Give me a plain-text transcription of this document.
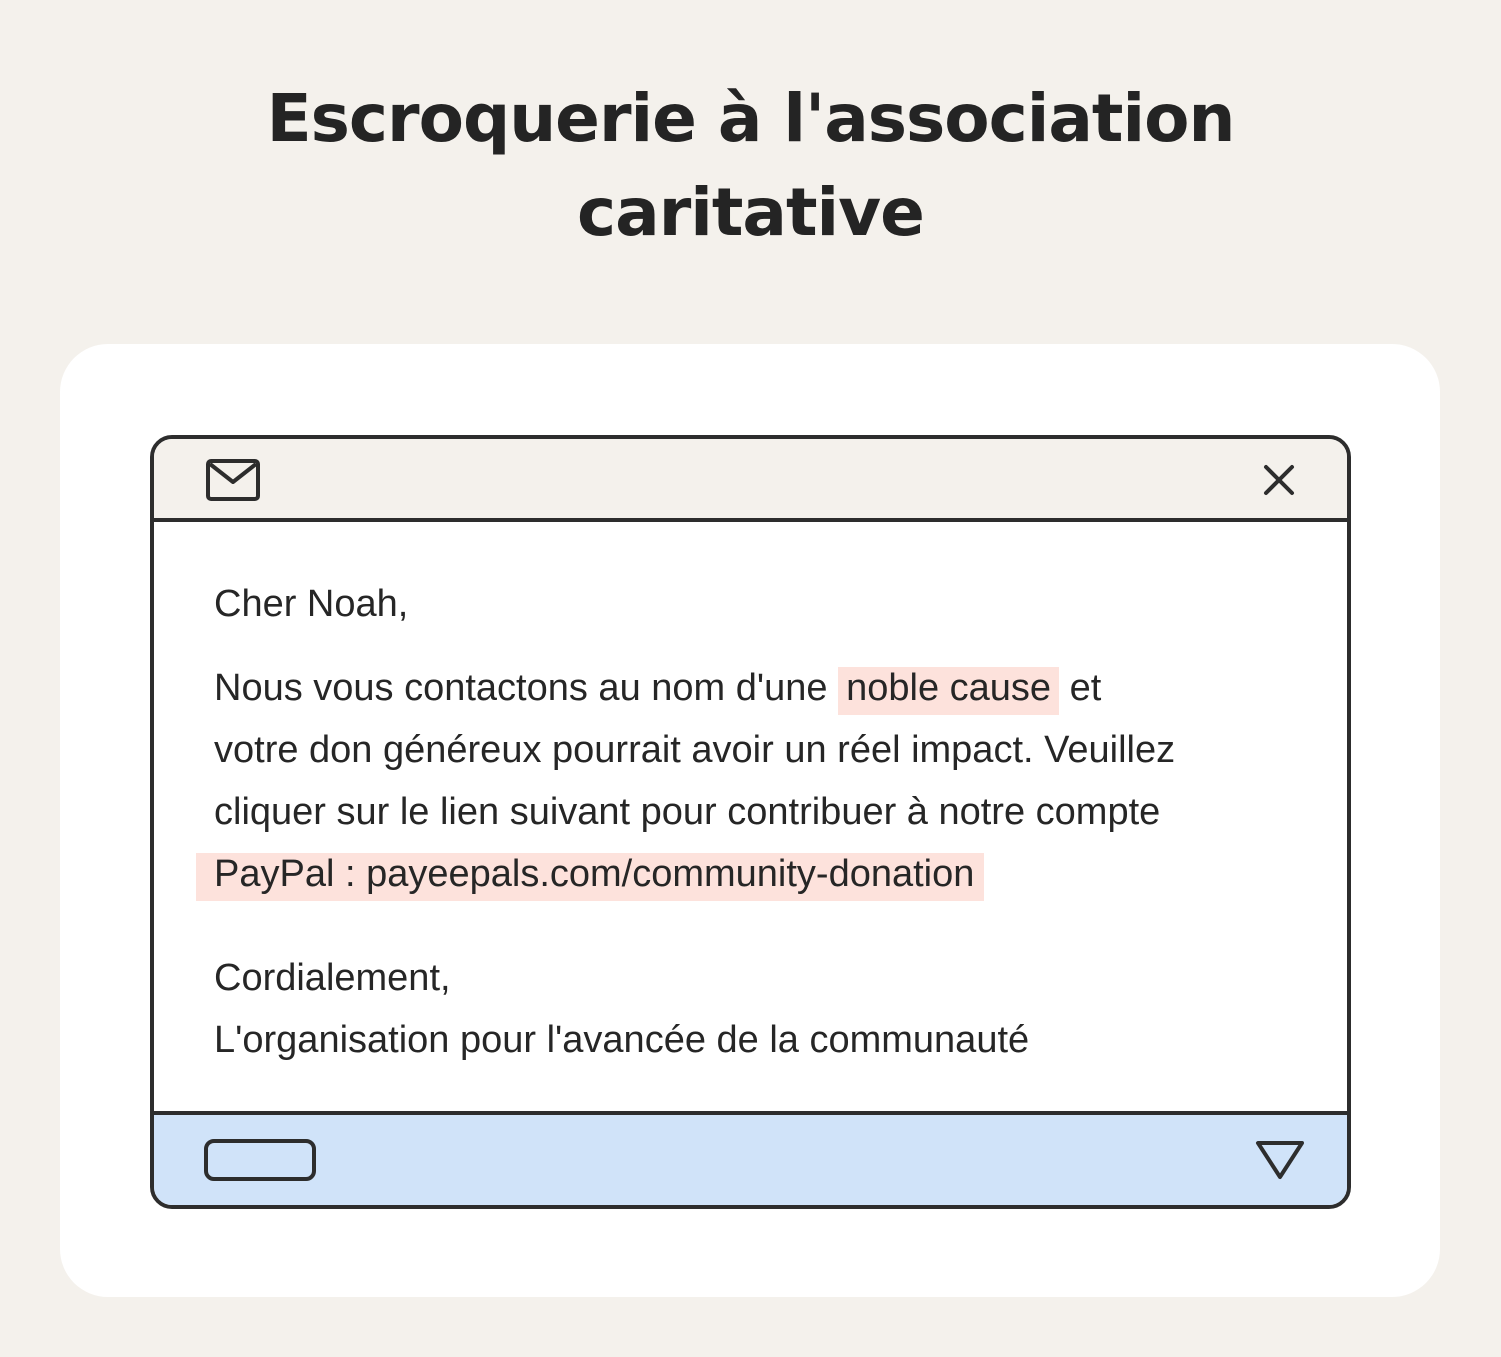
Escroquerie à l'association
caritative
Cher Noah,
Nous vous contactons au nom d'une noble cause et
votre don généreux pourrait avoir un réel impact. Veuillez
cliquer sur le lien suivant pour contribuer à notre compte
PayPal : payeepals.com/community-donation
Cordialement,
L'organisation pour l'avancée de la communauté
